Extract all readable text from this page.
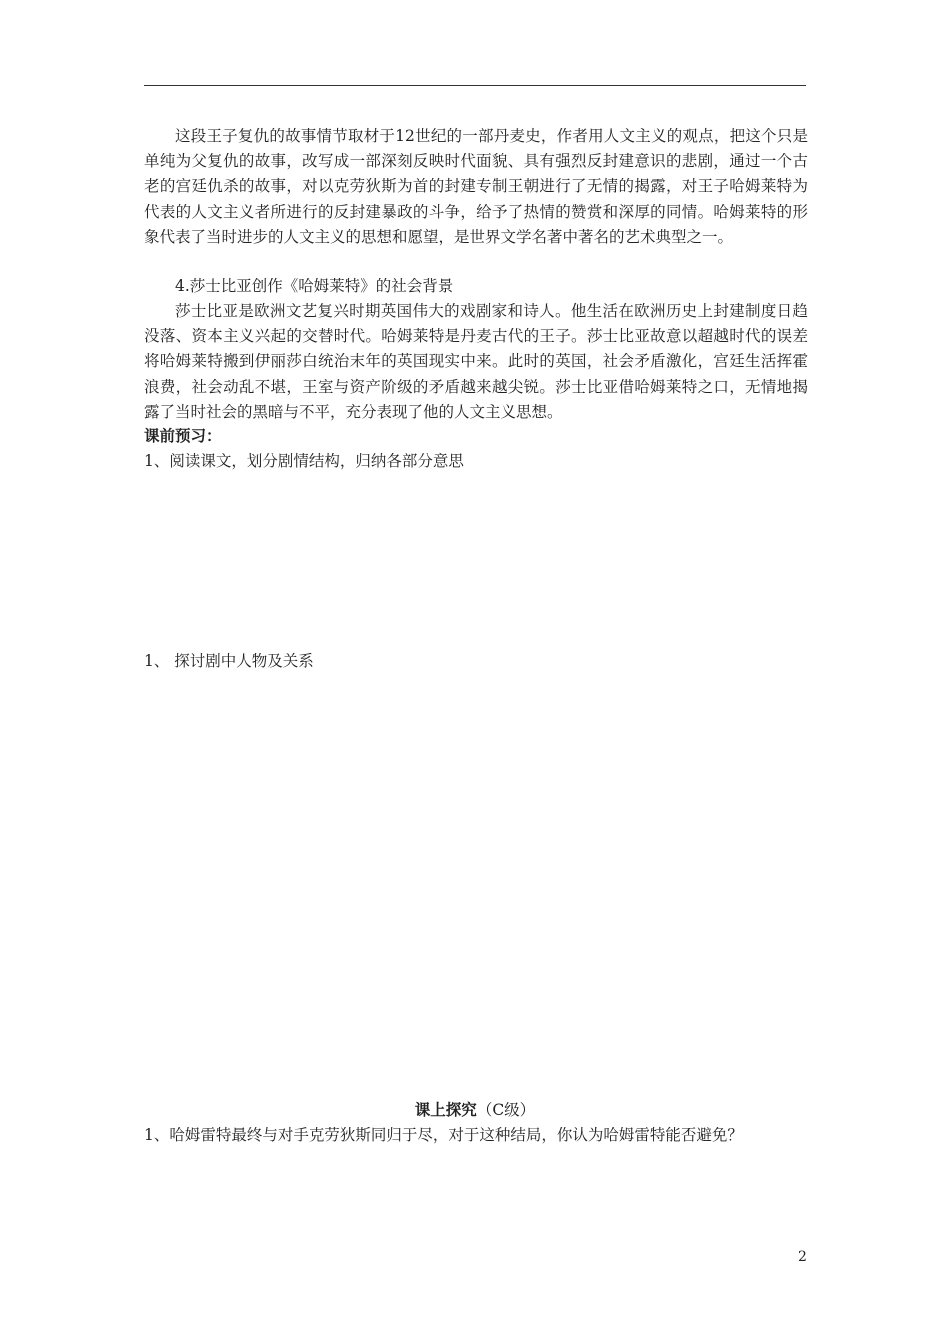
这段王子复仇的故事情节取材于12世纪的一部丹麦史，作者用人文主义的观点，把这个只是单纯为父复仇的故事，改写成一部深刻反映时代面貌、具有强烈反封建意识的悲剧，通过一个古老的宫廷仇杀的故事，对以克劳狄斯为首的封建专制王朝进行了无情的揭露，对王子哈姆莱特为代表的人文主义者所进行的反封建暴政的斗争，给予了热情的赞赏和深厚的同情。哈姆莱特的形象代表了当时进步的人文主义的思想和愿望，是世界文学名著中著名的艺术典型之一。

4.莎士比亚创作《哈姆莱特》的社会背景

莎士比亚是欧洲文艺复兴时期英国伟大的戏剧家和诗人。他生活在欧洲历史上封建制度日趋没落、资本主义兴起的交替时代。哈姆莱特是丹麦古代的王子。莎士比亚故意以超越时代的误差将哈姆莱特搬到伊丽莎白统治末年的英国现实中来。此时的英国，社会矛盾激化，宫廷生活挥霍浪费，社会动乱不堪，王室与资产阶级的矛盾越来越尖锐。莎士比亚借哈姆莱特之口，无情地揭露了当时社会的黑暗与不平，充分表现了他的人文主义思想。

课前预习：

1、阅读课文，划分剧情结构，归纳各部分意思

1、 探讨剧中人物及关系

课上探究（C级）

1、哈姆雷特最终与对手克劳狄斯同归于尽，对于这种结局，你认为哈姆雷特能否避免？

2
